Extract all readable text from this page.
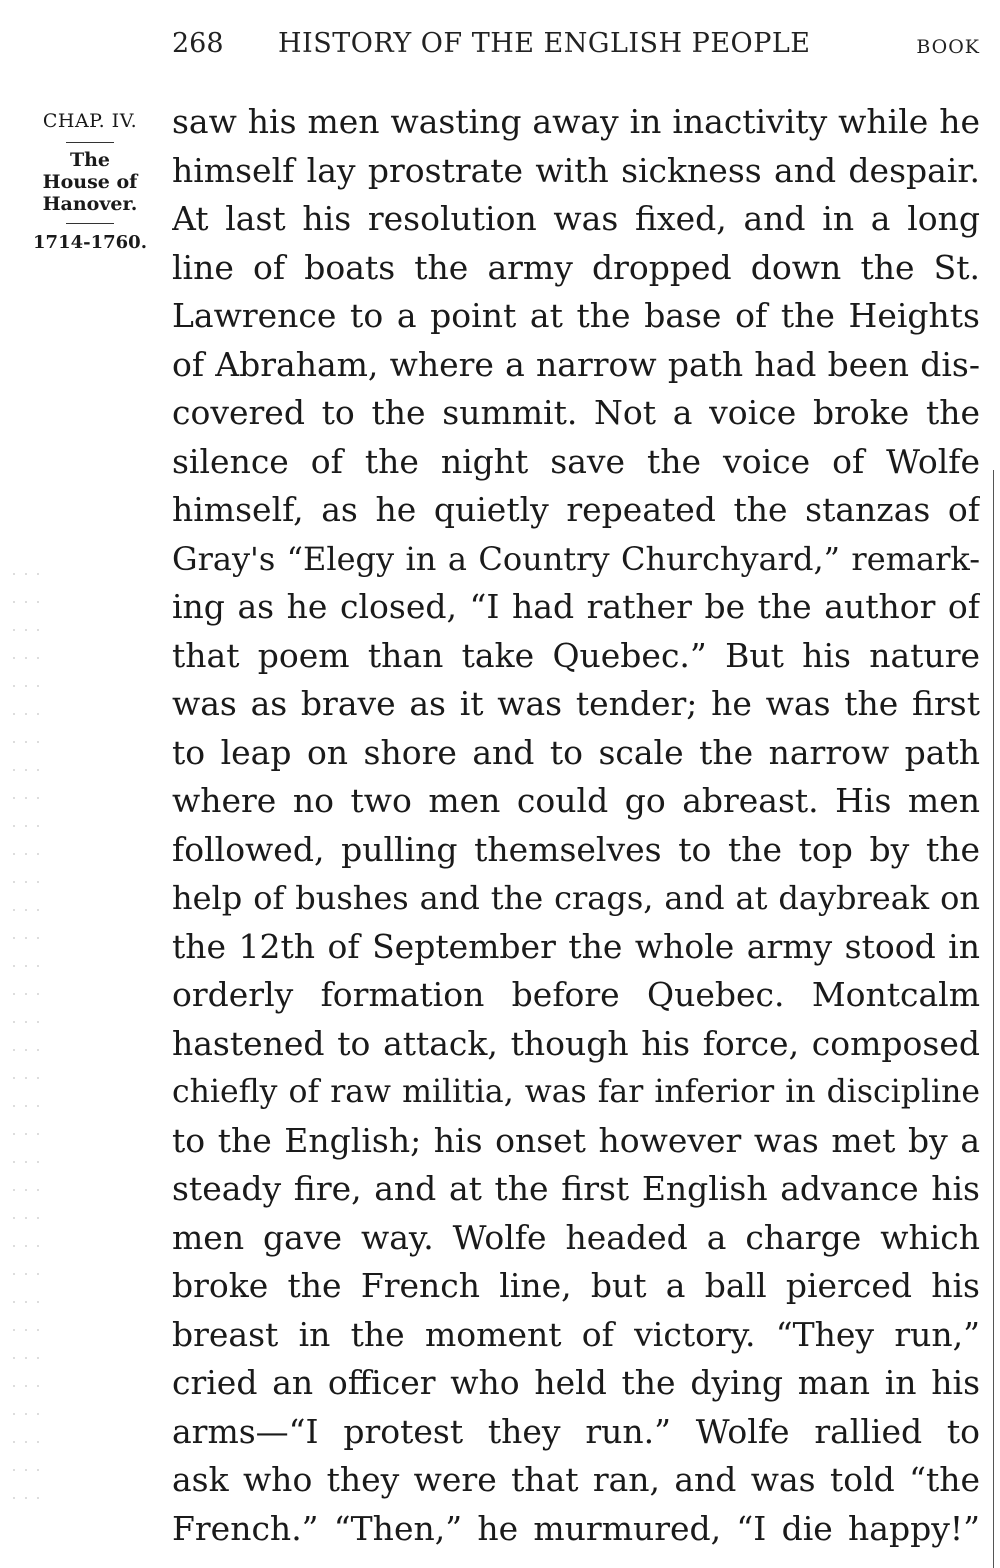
268 HISTORY OF THE ENGLISH PEOPLE	BOOK
CHAP. IV.
The
House of
Hanover.
1714-1760.
saw his men wasting away in inactivity while he
himself lay prostrate with sickness and despair.
At last his resolution was fixed, and in a long
line of boats the army dropped down the St.
Lawrence to a point at the base of the Heights
of Abraham, where a narrow path had been dis-
covered to the summit. Not a voice broke the
silence of the night save the voice of Wolfe
himself, as he quietly repeated the stanzas of
Gray's “Elegy in a Country Churchyard,” remark-
ing as he closed, “I had rather be the author of
that poem than take Quebec.” But his nature
was as brave as it was tender; he was the first
to leap on shore and to scale the narrow path
where no two men could go abreast. His men
followed, pulling themselves to the top by the
help of bushes and the crags, and at daybreak on
the 12th of September the whole army stood in
orderly formation before Quebec. Montcalm
hastened to attack, though his force, composed
chiefly of raw militia, was far inferior in discipline
to the English; his onset however was met by a
steady fire, and at the first English advance his
men gave way. Wolfe headed a charge which
broke the French line, but a ball pierced his
breast in the moment of victory. “They run,”
cried an officer who held the dying man in his
arms—“I protest they run.” Wolfe rallied to
ask who they were that ran, and was told “the
French.” “Then,” he murmured, “I die happy!”
